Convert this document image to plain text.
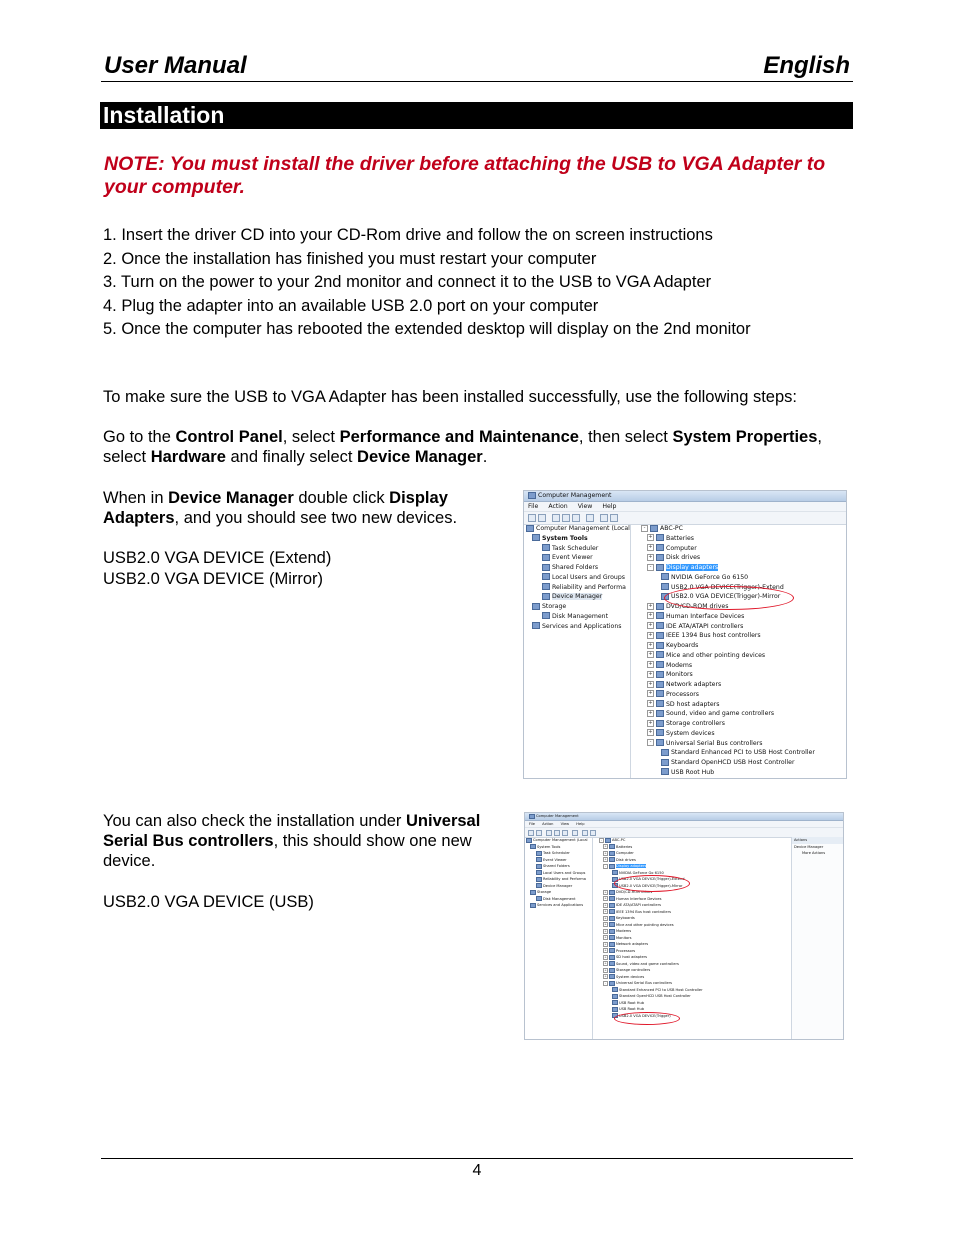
User Manual	English
Installation
NOTE: You must install the driver before attaching the USB to VGA Adapter to your computer.
1. Insert the driver CD into your CD-Rom drive and follow the on screen instructions
2. Once the installation has finished you must restart your computer
3. Turn on the power to your 2nd monitor and connect it to the USB to VGA Adapter
4. Plug the adapter into an available USB 2.0 port on your computer
5. Once the computer has rebooted the extended desktop will display on the 2nd monitor
To make sure the USB to VGA Adapter has been installed successfully, use the following steps:
Go to the Control Panel, select Performance and Maintenance, then select System Properties, select Hardware and finally select Device Manager.
When in Device Manager double click Display Adapters, and you should see two new devices.
USB2.0 VGA DEVICE (Extend)
USB2.0 VGA DEVICE (Mirror)
Computer Management
File Action View Help
Computer Management (Local
System Tools
Task Scheduler
Event Viewer
Shared Folders
Local Users and Groups
Reliability and Performa
Device Manager
Storage
Disk Management
Services and Applications
- ABC-PC
+ Batteries
+ Computer
+ Disk drives
- Display adapters
NVIDIA GeForce Go 6150
USB2.0 VGA DEVICE(Trigger)-Extend
USB2.0 VGA DEVICE(Trigger)-Mirror
+ DVD/CD-ROM drives
+ Human Interface Devices
+ IDE ATA/ATAPI controllers
+ IEEE 1394 Bus host controllers
+ Keyboards
+ Mice and other pointing devices
+ Modems
+ Monitors
+ Network adapters
+ Processors
+ SD host adapters
+ Sound, video and game controllers
+ Storage controllers
+ System devices
- Universal Serial Bus controllers
Standard Enhanced PCI to USB Host Controller
Standard OpenHCD USB Host Controller
USB Root Hub
You can also check the installation under Universal Serial Bus controllers, this should show one new device.
USB2.0 VGA DEVICE (USB)
Computer Management
File Action View Help
Computer Management (Local
System Tools
Task Scheduler
Event Viewer
Shared Folders
Local Users and Groups
Reliability and Performa
Device Manager
Storage
Disk Management
Services and Applications
-	ABC-PC
+	Batteries
+	Computer
+	Disk drives
-	Display adapters
NVIDIA GeForce Go 6150
USB2.0 VGA DEVICE(Trigger)-Extend
USB2.0 VGA DEVICE(Trigger)-Mirror
+	DVD/CD-ROM drives
+	Human Interface Devices
+	IDE ATA/ATAPI controllers
+	IEEE 1394 Bus host controllers
+	Keyboards
+	Mice and other pointing devices
+	Modems
+	Monitors
+	Network adapters
+	Processors
+	SD host adapters
+	Sound, video and game controllers
+	Storage controllers
+	System devices
-	Universal Serial Bus controllers
Standard Enhanced PCI to USB Host Controller
Standard OpenHCD USB Host Controller
USB Root Hub
USB Root Hub
USB2.0 VGA DEVICE(Trigger)
Actions
Device Manager
More Actions
4
